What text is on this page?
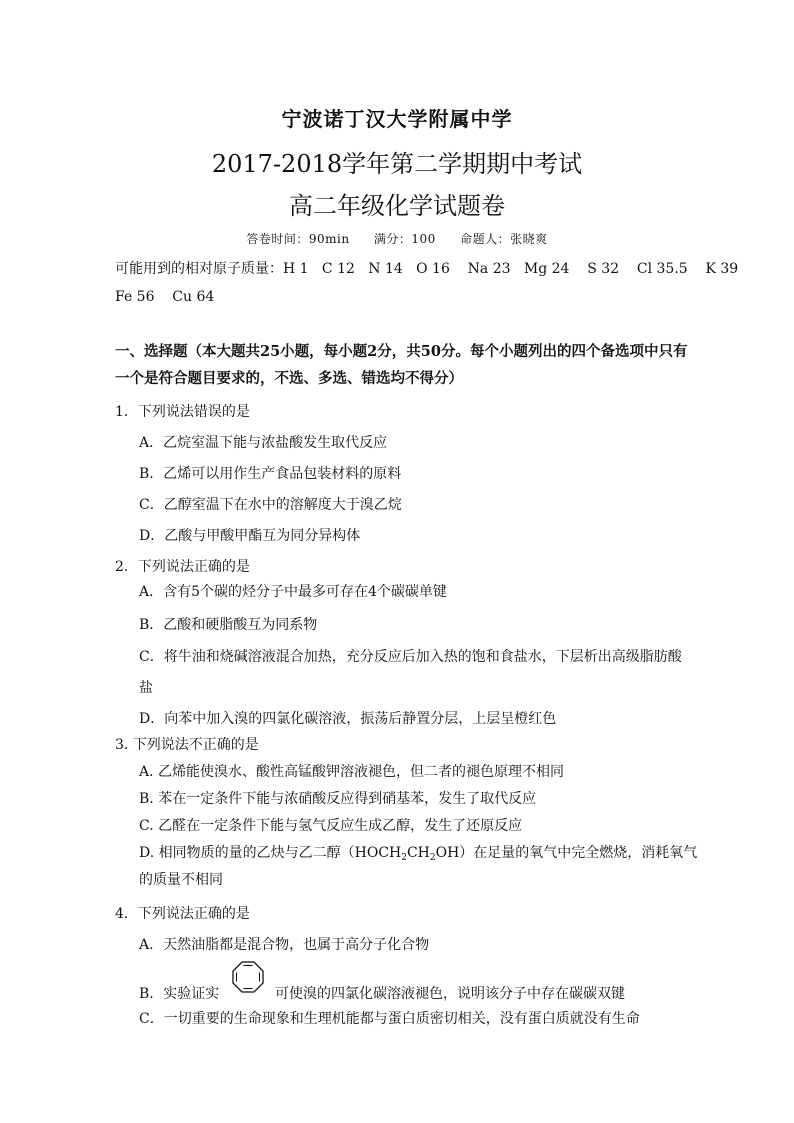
宁波诺丁汉大学附属中学
2017-2018学年第二学期期中考试
高二年级化学试题卷
答卷时间：90min 满分：100 命题人：张晓爽
可能用到的相对原子质量：H 1   C 12   N 14   O 16    Na 23   Mg 24    S 32    Cl 35.5    K 39
Fe 56    Cu 64
一、选择题（本大题共25小题，每小题2分，共50分。每个小题列出的四个备选项中只有
一个是符合题目要求的，不选、多选、错选均不得分）
1．下列说法错误的是
A．乙烷室温下能与浓盐酸发生取代反应
B．乙烯可以用作生产食品包装材料的原料
C．乙醇室温下在水中的溶解度大于溴乙烷
D．乙酸与甲酸甲酯互为同分异构体
2．下列说法正确的是
A．含有5个碳的烃分子中最多可存在4个碳碳单键
B．乙酸和硬脂酸互为同系物
C．将牛油和烧碱溶液混合加热，充分反应后加入热的饱和食盐水，下层析出高级脂肪酸
盐
D．向苯中加入溴的四氯化碳溶液，振荡后静置分层，上层呈橙红色
3. 下列说法不正确的是
A. 乙烯能使溴水、酸性高锰酸钾溶液褪色，但二者的褪色原理不相同
B. 苯在一定条件下能与浓硝酸反应得到硝基苯，发生了取代反应
C. 乙醛在一定条件下能与氢气反应生成乙醇，发生了还原反应
D. 相同物质的量的乙炔与乙二醇$(HOCH_2CH_2OH)$在足量的氧气中完全燃烧，消耗氧气
的质量不相同
4．下列说法正确的是
A．天然油脂都是混合物，也属于高分子化合物
B．实验证实	可使溴的四氯化碳溶液褪色，说明该分子中存在碳碳双键
C．一切重要的生命现象和生理机能都与蛋白质密切相关，没有蛋白质就没有生命
